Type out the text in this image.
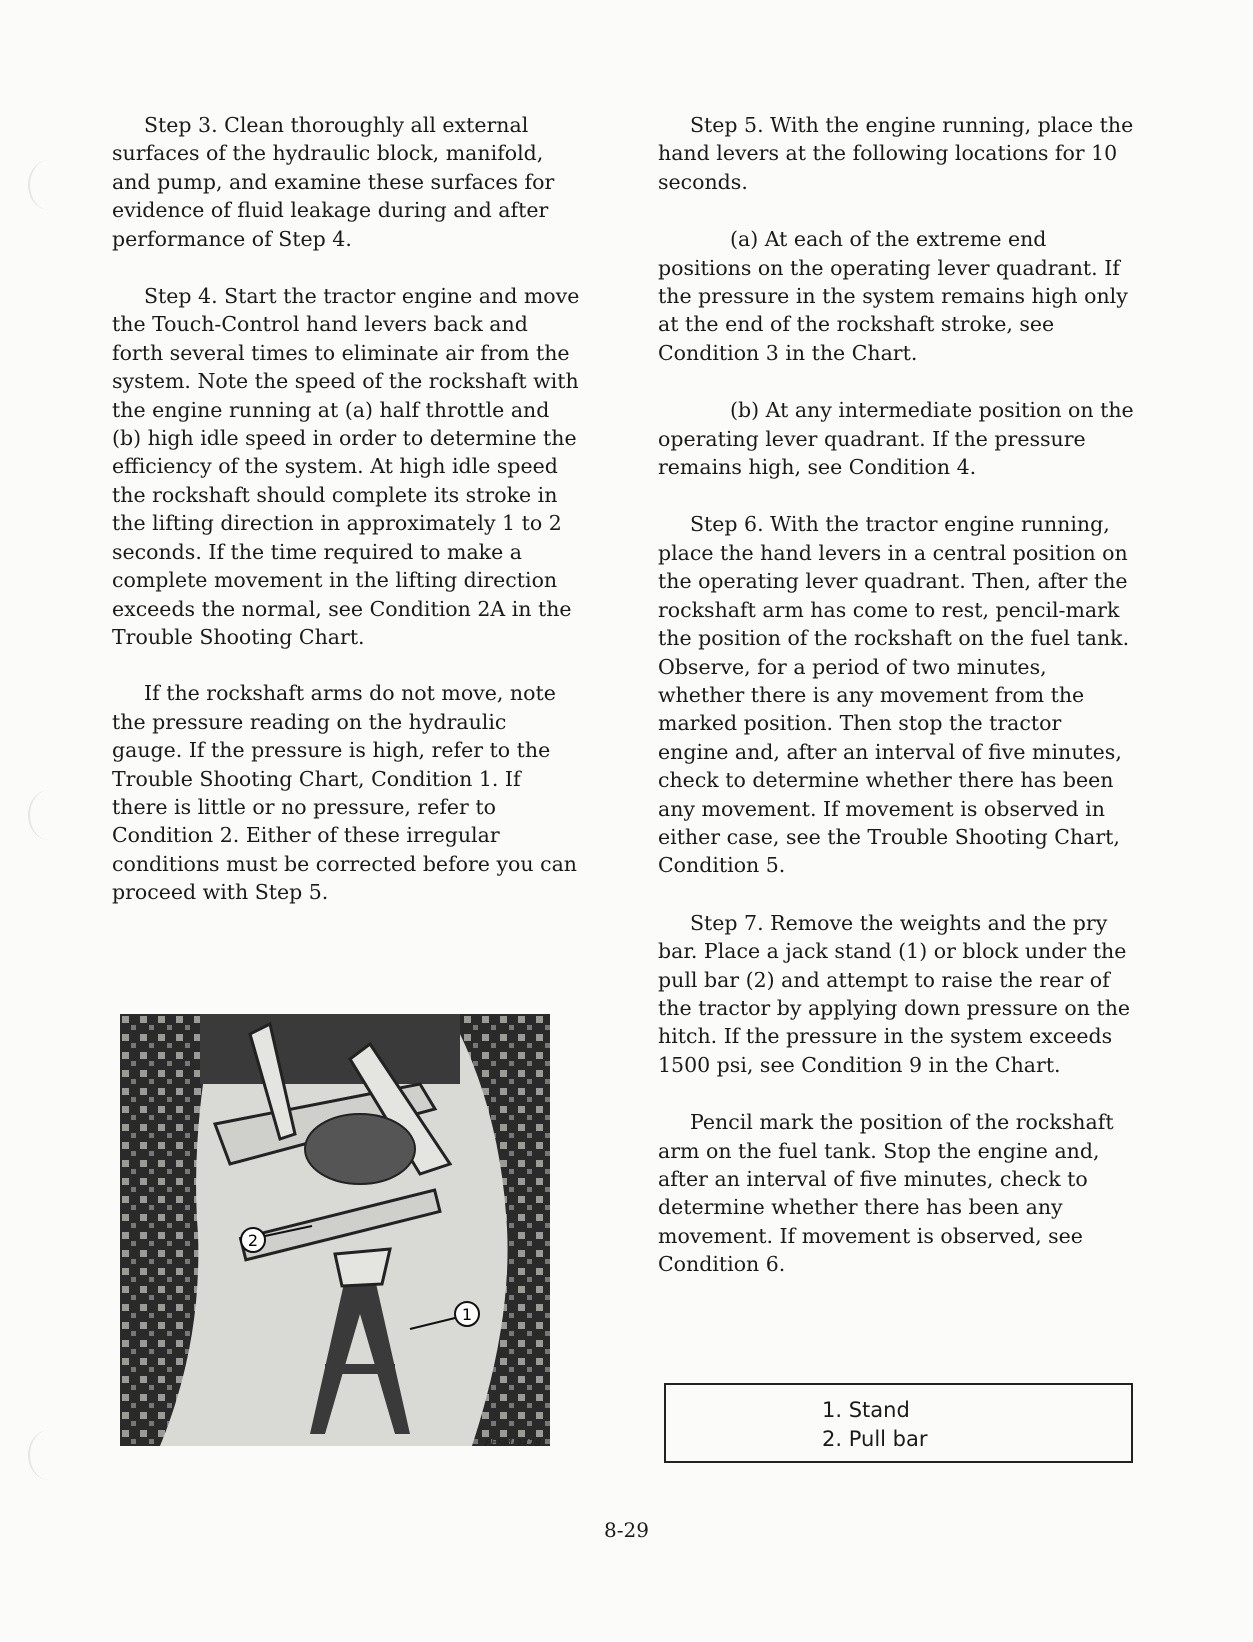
Step 3. Clean thoroughly all external surfaces of the hydraulic block, manifold, and pump, and examine these surfaces for evidence of fluid leakage during and after performance of Step 4.

Step 4. Start the tractor engine and move the Touch-Control hand levers back and forth several times to eliminate air from the system. Note the speed of the rockshaft with the engine running at (a) half throttle and (b) high idle speed in order to determine the efficiency of the system. At high idle speed the rockshaft should complete its stroke in the lifting direction in approximately 1 to 2 seconds. If the time required to make a complete movement in the lifting direction exceeds the normal, see Condition 2A in the Trouble Shooting Chart.

If the rockshaft arms do not move, note the pressure reading on the hydraulic gauge. If the pressure is high, refer to the Trouble Shooting Chart, Condition 1. If there is little or no pressure, refer to Condition 2. Either of these irregular conditions must be corrected before you can proceed with Step 5.

Step 5. With the engine running, place the hand levers at the following locations for 10 seconds.

(a) At each of the extreme end positions on the operating lever quadrant. If the pressure in the system remains high only at the end of the rockshaft stroke, see Condition 3 in the Chart.

(b) At any intermediate position on the operating lever quadrant. If the pressure remains high, see Condition 4.

Step 6. With the tractor engine running, place the hand levers in a central position on the operating lever quadrant. Then, after the rockshaft arm has come to rest, pencil-mark the position of the rockshaft on the fuel tank. Observe, for a period of two minutes, whether there is any movement from the marked position. Then stop the tractor engine and, after an interval of five minutes, check to determine whether there has been any movement. If movement is observed in either case, see the Trouble Shooting Chart, Condition 5.

Step 7. Remove the weights and the pry bar. Place a jack stand (1) or block under the pull bar (2) and attempt to raise the rear of the tractor by applying down pressure on the hitch. If the pressure in the system exceeds 1500 psi, see Condition 9 in the Chart.

Pencil mark the position of the rockshaft arm on the fuel tank. Stop the engine and, after an interval of five minutes, check to determine whether there has been any movement. If movement is observed, see Condition 6.

2
1
FESM-3778
1. Stand
2. Pull bar
8-29
